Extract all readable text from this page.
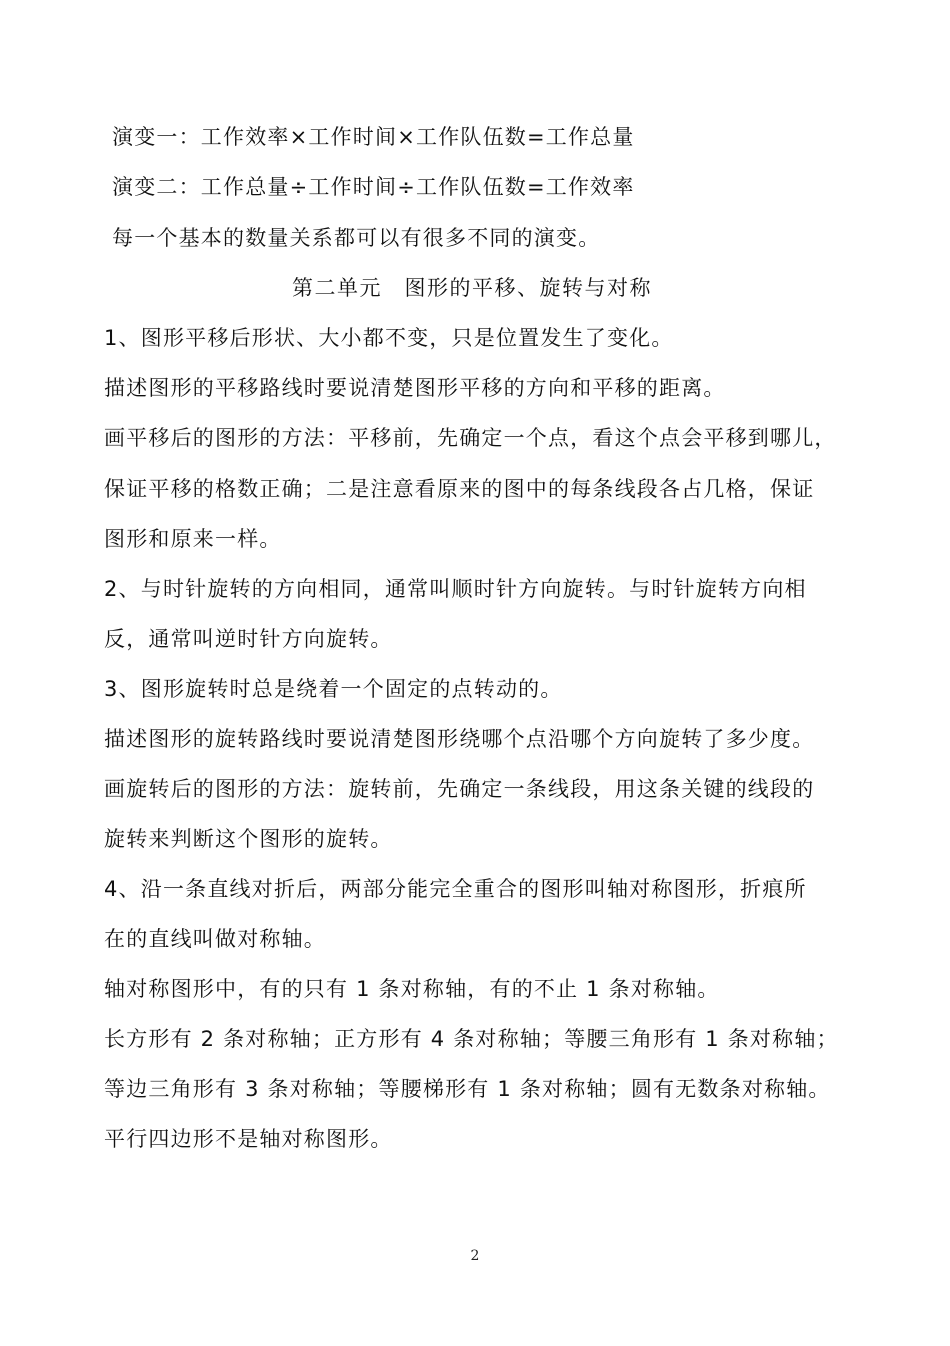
演变一：工作效率×工作时间×工作队伍数=工作总量
演变二：工作总量÷工作时间÷工作队伍数=工作效率
每一个基本的数量关系都可以有很多不同的演变。
第二单元　图形的平移、旋转与对称
1、图形平移后形状、大小都不变，只是位置发生了变化。
描述图形的平移路线时要说清楚图形平移的方向和平移的距离。
画平移后的图形的方法：平移前，先确定一个点，看这个点会平移到哪儿，
保证平移的格数正确；二是注意看原来的图中的每条线段各占几格，保证
图形和原来一样。
2、与时针旋转的方向相同，通常叫顺时针方向旋转。与时针旋转方向相
反，通常叫逆时针方向旋转。
3、图形旋转时总是绕着一个固定的点转动的。
描述图形的旋转路线时要说清楚图形绕哪个点沿哪个方向旋转了多少度。
画旋转后的图形的方法：旋转前，先确定一条线段，用这条关键的线段的
旋转来判断这个图形的旋转。
4、沿一条直线对折后，两部分能完全重合的图形叫轴对称图形，折痕所
在的直线叫做对称轴。
轴对称图形中，有的只有 1 条对称轴，有的不止 1 条对称轴。
长方形有 2 条对称轴；正方形有 4 条对称轴；等腰三角形有 1 条对称轴；
等边三角形有 3 条对称轴；等腰梯形有 1 条对称轴；圆有无数条对称轴。
平行四边形不是轴对称图形。
2
